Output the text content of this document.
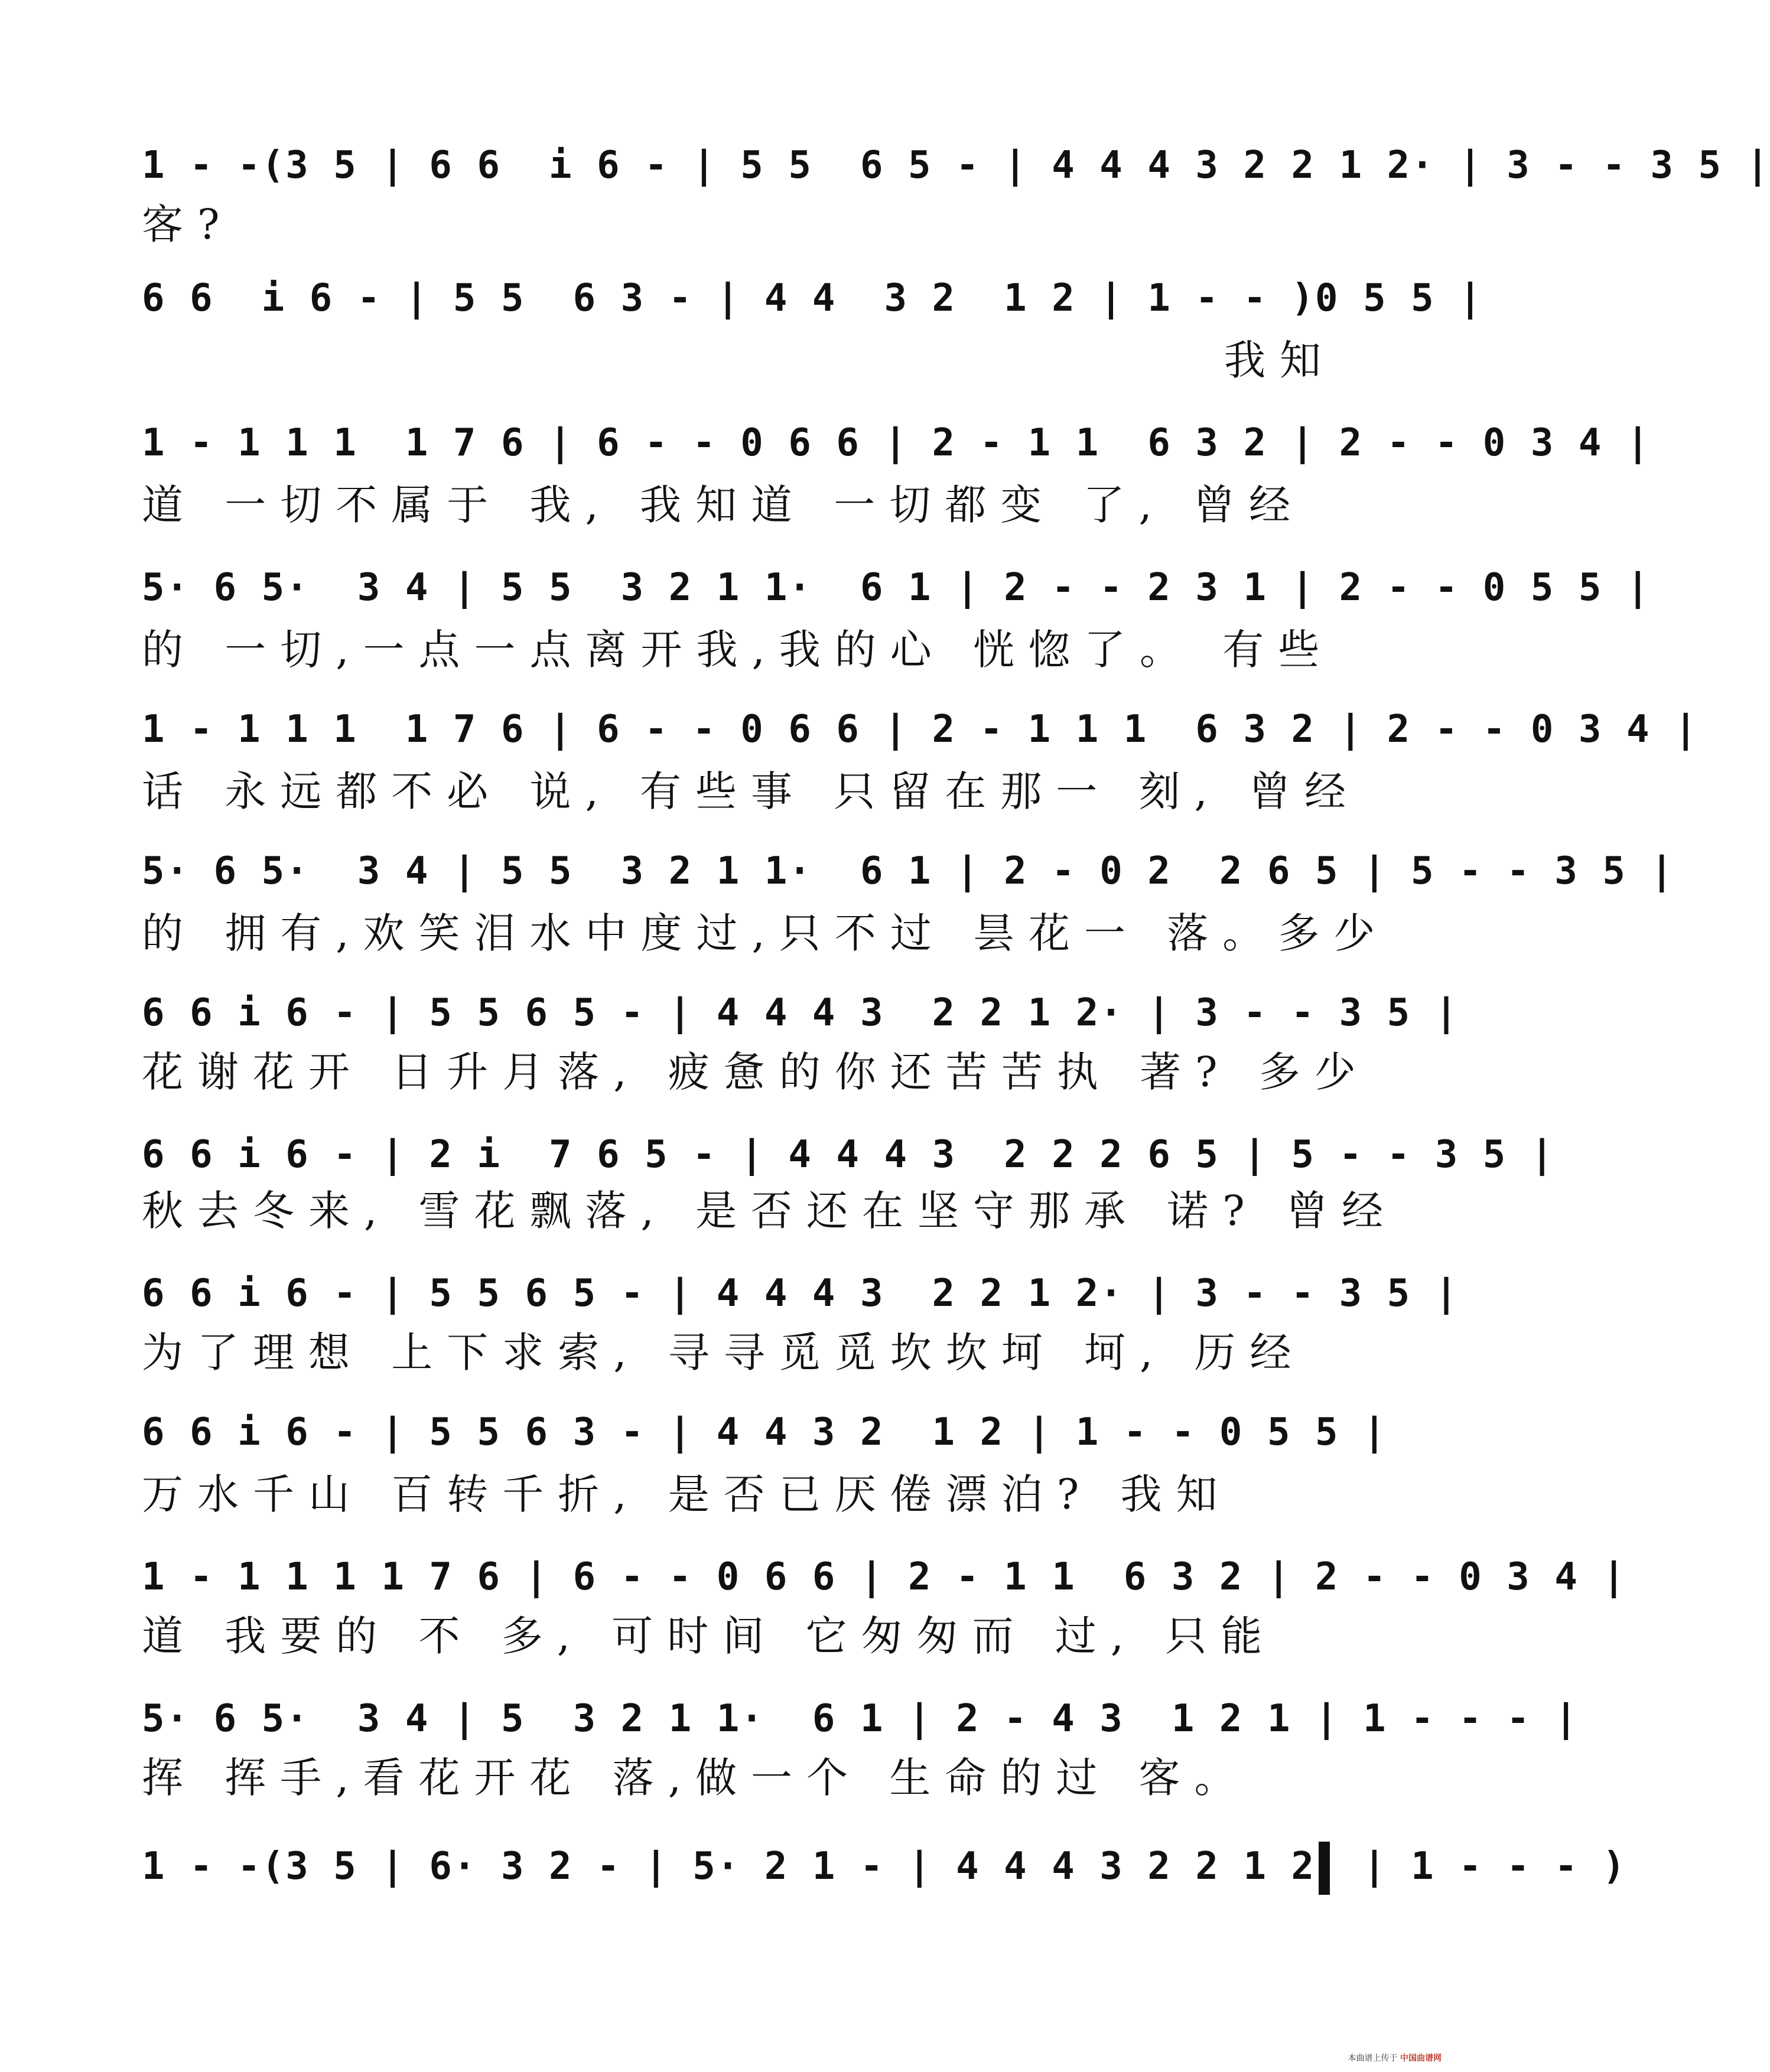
1 - -(3 5 | 6 6  i 6 - | 5 5  6 5 - | 4 4 4 3 2 2 1 2· | 3 - - 3 5 |
客?
6 6  i 6 - | 5 5  6 3 - | 4 4  3 2  1 2 | 1 - - )0 5 5 |
我知
1 - 1 1 1  1 7 6 | 6 - - 0 6 6 | 2 - 1 1  6 3 2 | 2 - - 0 3 4 |
道 一切不属于 我, 我知道 一切都变 了, 曾经
5· 6 5·  3 4 | 5 5  3 2 1 1·  6 1 | 2 - - 2 3 1 | 2 - - 0 5 5 |
的 一切,一点一点离开我,我的心 恍惚了。 有些
1 - 1 1 1  1 7 6 | 6 - - 0 6 6 | 2 - 1 1 1  6 3 2 | 2 - - 0 3 4 |
话 永远都不必 说, 有些事 只留在那一 刻, 曾经
5· 6 5·  3 4 | 5 5  3 2 1 1·  6 1 | 2 - 0 2  2 6 5 | 5 - - 3 5 |
的 拥有,欢笑泪水中度过,只不过 昙花一 落。多少
6 6 i 6 - | 5 5 6 5 - | 4 4 4 3  2 2 1 2· | 3 - - 3 5 |
花谢花开 日升月落, 疲惫的你还苦苦执 著? 多少
6 6 i 6 - | 2 i  7 6 5 - | 4 4 4 3  2 2 2 6 5 | 5 - - 3 5 |
秋去冬来, 雪花飘落, 是否还在坚守那承 诺? 曾经
6 6 i 6 - | 5 5 6 5 - | 4 4 4 3  2 2 1 2· | 3 - - 3 5 |
为了理想 上下求索, 寻寻觅觅坎坎坷 坷, 历经
6 6 i 6 - | 5 5 6 3 - | 4 4 3 2  1 2 | 1 - - 0 5 5 |
万水千山 百转千折, 是否已厌倦漂泊? 我知
1 - 1 1 1 1 7 6 | 6 - - 0 6 6 | 2 - 1 1  6 3 2 | 2 - - 0 3 4 |
道 我要的 不 多, 可时间 它匆匆而 过, 只能
5· 6 5·  3 4 | 5  3 2 1 1·  6 1 | 2 - 4 3  1 2 1 | 1 - - - |
挥 挥手,看花开花 落,做一个 生命的过 客。
1 - -(3 5 | 6· 3 2 - | 5· 2 1 - | 4 4 4 3 2 2 1 2· | 1 - - - )
本曲谱上传于 中国曲谱网
